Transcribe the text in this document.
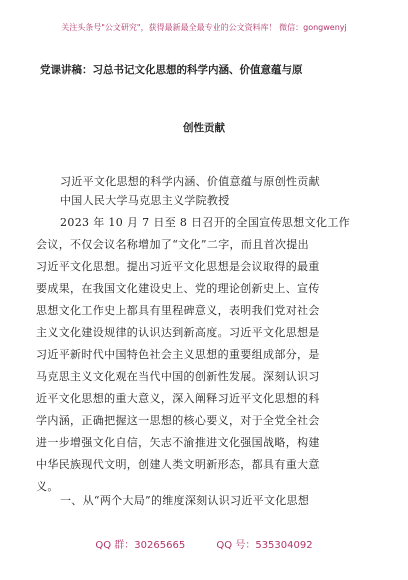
关注头条号"公文研究"，获得最新最全最专业的公文资料库！ 微信：gongwenyj
党课讲稿：习总书记文化思想的科学内涵、价值意蕴与原
创性贡献
习近平文化思想的科学内涵、价值意蕴与原创性贡献
中国人民大学马克思主义学院教授
2023 年 10 月 7 日至 8 日召开的全国宣传思想文化工作
会议，不仅会议名称增加了“文化”二字，而且首次提出
习近平文化思想。提出习近平文化思想是会议取得的最重
要成果，在我国文化建设史上、党的理论创新史上、宣传
思想文化工作史上都具有里程碑意义，表明我们党对社会
主义文化建设规律的认识达到新高度。习近平文化思想是
习近平新时代中国特色社会主义思想的重要组成部分，是
马克思主义文化观在当代中国的创新性发展。深刻认识习
近平文化思想的重大意义，深入阐释习近平文化思想的科
学内涵，正确把握这一思想的核心要义，对于全党全社会
进一步增强文化自信，矢志不渝推进文化强国战略，构建
中华民族现代文明，创建人类文明新形态，都具有重大意
义。
一、从“两个大局”的维度深刻认识习近平文化思想
QQ 群：30265665	QQ 号：535304092
